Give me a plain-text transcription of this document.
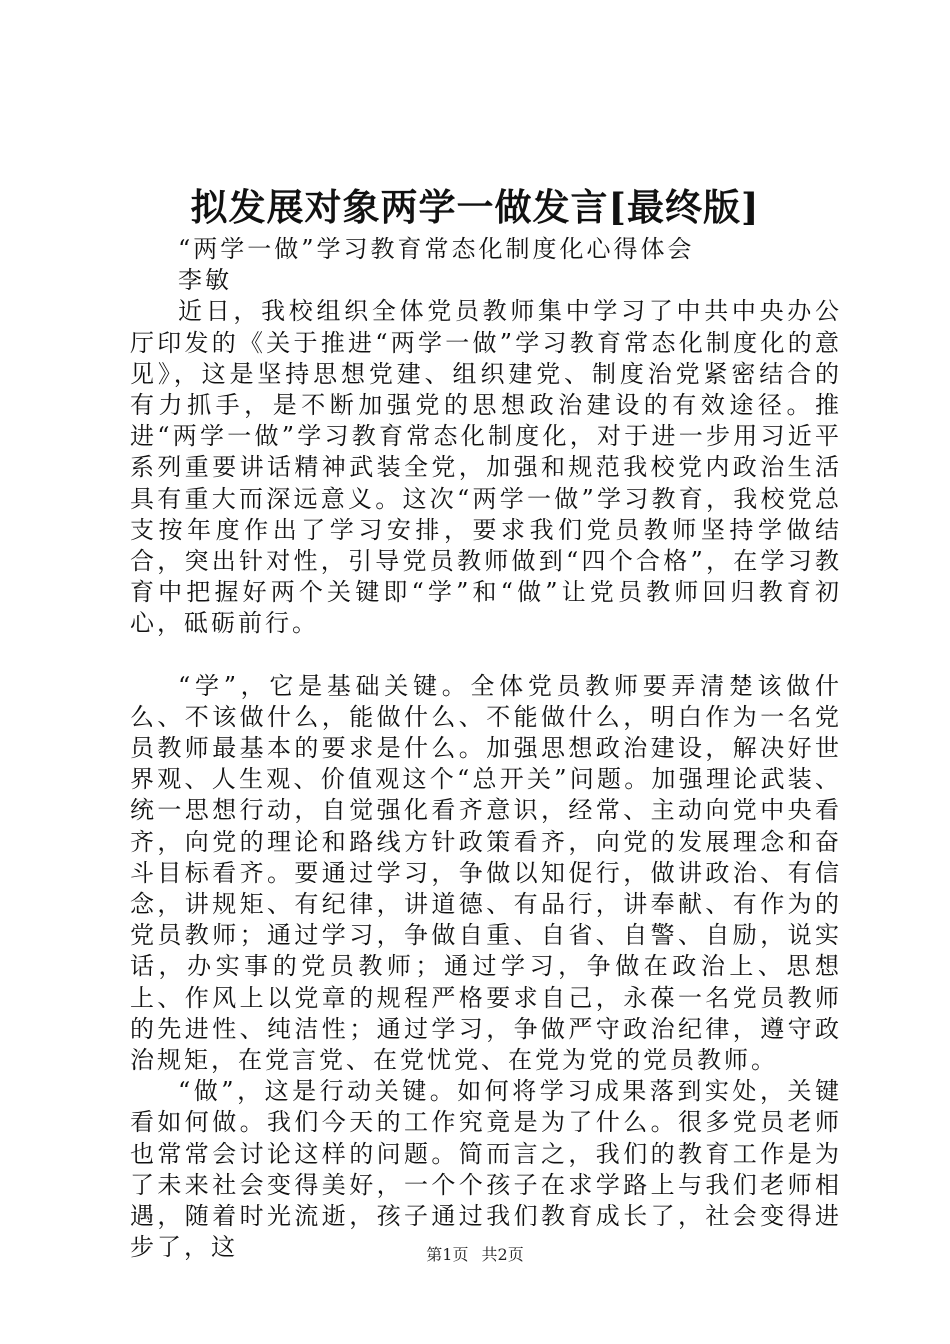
拟发展对象两学一做发言[最终版]

“两学一做”学习教育常态化制度化心得体会

李敏

近日，我校组织全体党员教师集中学习了中共中央办公厅印发的《关于推进“两学一做”学习教育常态化制度化的意见》，这是坚持思想党建、组织建党、制度治党紧密结合的有力抓手，是不断加强党的思想政治建设的有效途径。推进“两学一做”学习教育常态化制度化，对于进一步用习近平系列重要讲话精神武装全党，加强和规范我校党内政治生活具有重大而深远意义。这次“两学一做”学习教育，我校党总支按年度作出了学习安排，要求我们党员教师坚持学做结合，突出针对性，引导党员教师做到“四个合格”，在学习教育中把握好两个关键即“学”和“做”让党员教师回归教育初心，砥砺前行。

“学”，它是基础关键。全体党员教师要弄清楚该做什么、不该做什么，能做什么、不能做什么，明白作为一名党员教师最基本的要求是什么。加强思想政治建设，解决好世界观、人生观、价值观这个“总开关”问题。加强理论武装、统一思想行动，自觉强化看齐意识，经常、主动向党中央看齐，向党的理论和路线方针政策看齐，向党的发展理念和奋斗目标看齐。要通过学习，争做以知促行，做讲政治、有信念，讲规矩、有纪律，讲道德、有品行，讲奉献、有作为的党员教师；通过学习，争做自重、自省、自警、自励，说实话，办实事的党员教师；通过学习，争做在政治上、思想上、作风上以党章的规程严格要求自己，永葆一名党员教师的先进性、纯洁性；通过学习，争做严守政治纪律，遵守政治规矩，在党言党、在党忧党、在党为党的党员教师。

“做”，这是行动关键。如何将学习成果落到实处，关键看如何做。我们今天的工作究竟是为了什么。很多党员老师也常常会讨论这样的问题。简而言之，我们的教育工作是为了未来社会变得美好，一个个孩子在求学路上与我们老师相遇，随着时光流逝，孩子通过我们教育成长了，社会变得进步了，这	第1页 共2页
